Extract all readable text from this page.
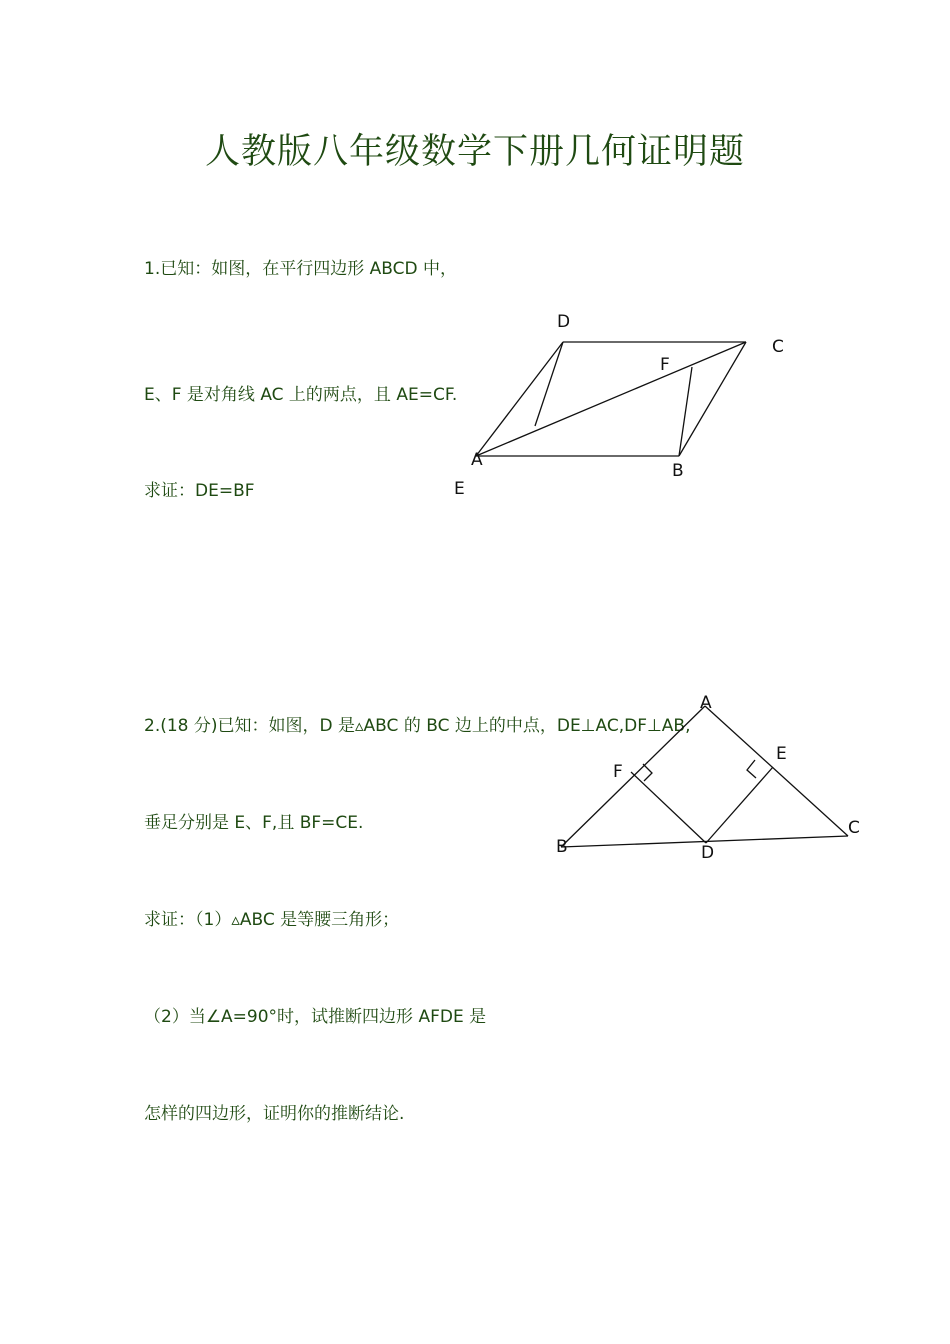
人教版八年级数学下册几何证明题
1.已知：如图，在平行四边形 ABCD 中，
E、F 是对角线 AC 上的两点，且 AE=CF.
求证：DE=BF
D
C
F
A
B
E
2.(18 分)已知：如图，D 是▵ABC 的 BC 边上的中点，DE⊥AC,DF⊥AB,
垂足分别是 E、F,且 BF=CE.
求证：（1）▵ABC 是等腰三角形；
（2）当∠A=90°时，试推断四边形 AFDE 是
怎样的四边形，证明你的推断结论.
A
E
F
C
B	D
